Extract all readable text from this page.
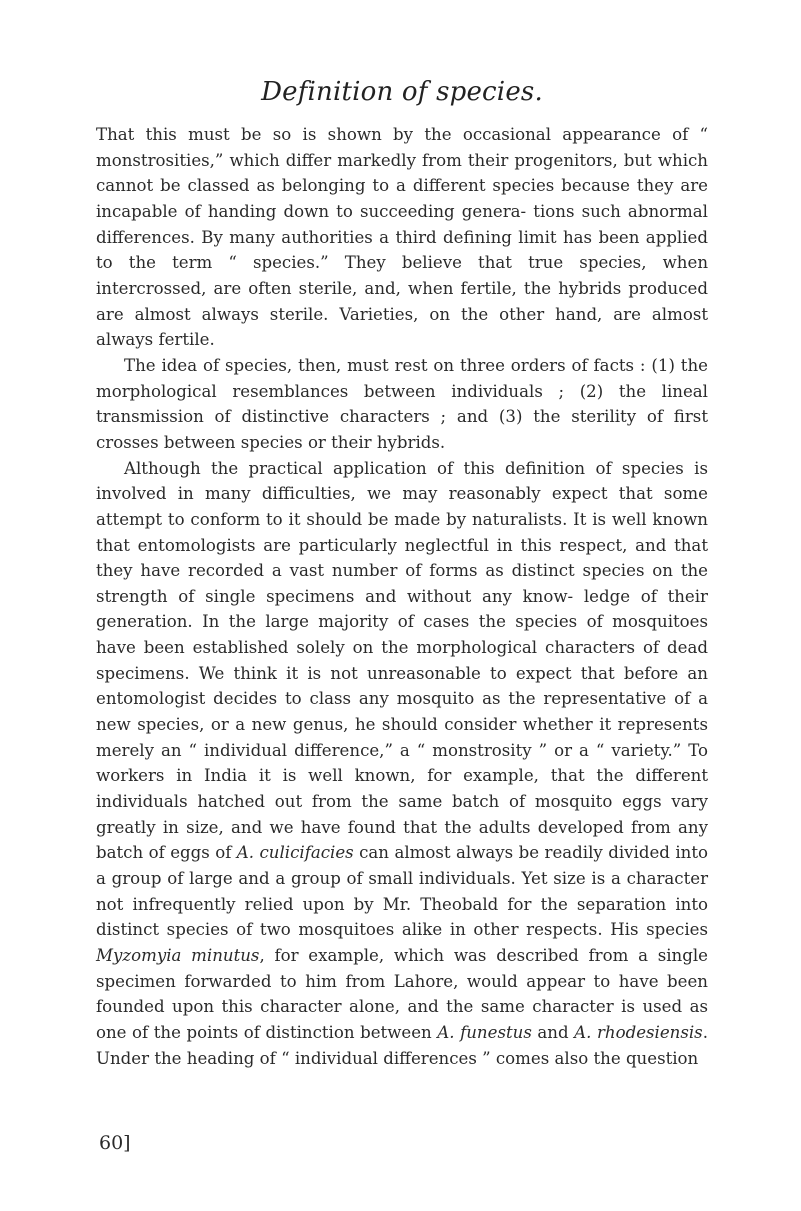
Definition of species.

That this must be so is shown by the occasional appearance of “ monstrosities,” which differ markedly from their progenitors, but which cannot be classed as belonging to a different species because they are incapable of handing down to succeeding genera- tions such abnormal differences. By many authorities a third defining limit has been applied to the term “ species.” They believe that true species, when intercrossed, are often sterile, and, when fertile, the hybrids produced are almost always sterile. Varieties, on the other hand, are almost always fertile.

The idea of species, then, must rest on three orders of facts : (1) the morphological resemblances between individuals ; (2) the lineal transmission of distinctive characters ; and (3) the sterility of first crosses between species or their hybrids.

Although the practical application of this definition of species is involved in many difficulties, we may reasonably expect that some attempt to conform to it should be made by naturalists. It is well known that entomologists are particularly neglectful in this respect, and that they have recorded a vast number of forms as distinct species on the strength of single specimens and without any know- ledge of their generation. In the large majority of cases the species of mosquitoes have been established solely on the morphological characters of dead specimens. We think it is not unreasonable to expect that before an entomologist decides to class any mosquito as the representative of a new species, or a new genus, he should consider whether it represents merely an “ individual difference,” a “ monstrosity ” or a “ variety.” To workers in India it is well known, for example, that the different individuals hatched out from the same batch of mosquito eggs vary greatly in size, and we have found that the adults developed from any batch of eggs of A. culicifacies can almost always be readily divided into a group of large and a group of small individuals. Yet size is a character not infrequently relied upon by Mr. Theobald for the separation into distinct species of two mosquitoes alike in other respects. His species Myzomyia minutus, for example, which was described from a single specimen forwarded to him from Lahore, would appear to have been founded upon this character alone, and the same character is used as one of the points of distinction between A. funestus and A. rhodesiensis. Under the heading of “ individual differences ” comes also the question

60]
